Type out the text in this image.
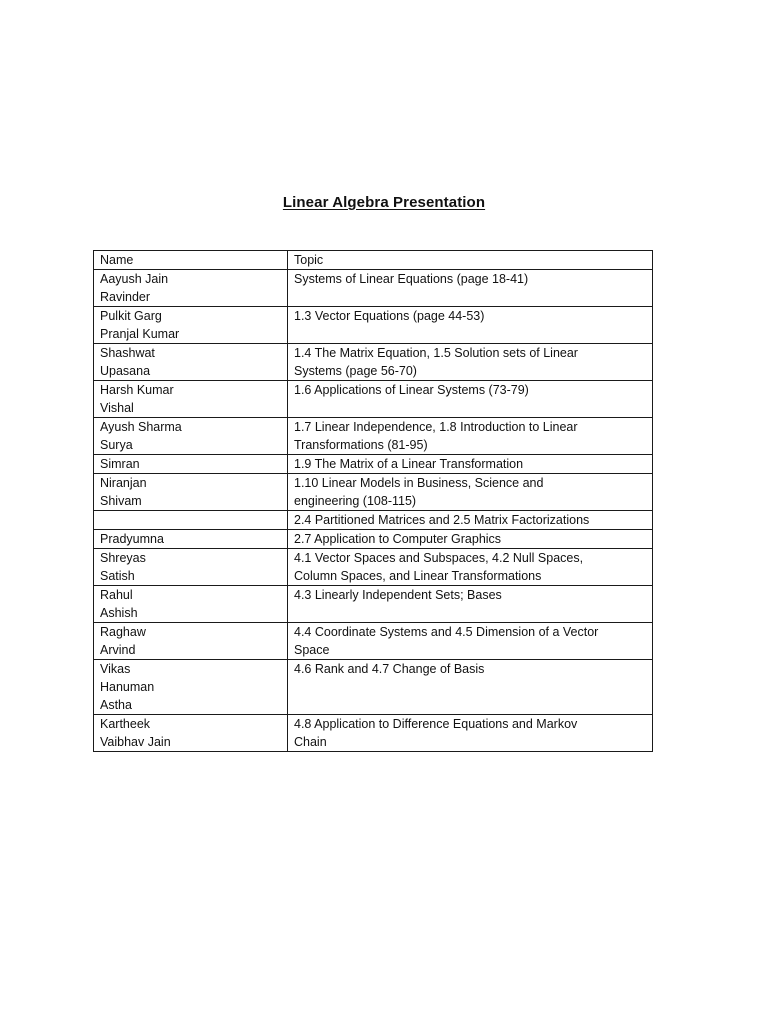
Linear Algebra Presentation
Name	Topic

Aayush Jain
Ravinder	Systems of Linear Equations (page 18-41)

Pulkit Garg
Pranjal Kumar	1.3 Vector Equations (page 44-53)

Shashwat
Upasana	1.4 The Matrix Equation, 1.5 Solution sets of Linear
Systems (page 56-70)

Harsh Kumar
Vishal	1.6 Applications of Linear Systems (73-79)

Ayush Sharma
Surya	1.7 Linear Independence, 1.8 Introduction to Linear
Transformations (81-95)

Simran	1.9 The Matrix of a Linear Transformation

Niranjan
Shivam	1.10 Linear Models in Business, Science and
engineering (108-115)

	2.4 Partitioned Matrices and 2.5 Matrix Factorizations

Pradyumna	2.7 Application to Computer Graphics

Shreyas
Satish	4.1 Vector Spaces and Subspaces, 4.2 Null Spaces,
Column Spaces, and Linear Transformations

Rahul
Ashish	4.3 Linearly Independent Sets; Bases

Raghaw
Arvind	4.4 Coordinate Systems and 4.5 Dimension of a Vector
Space

Vikas
Hanuman
Astha	4.6 Rank and 4.7 Change of Basis

Kartheek
Vaibhav Jain	4.8 Application to Difference Equations and Markov
Chain
